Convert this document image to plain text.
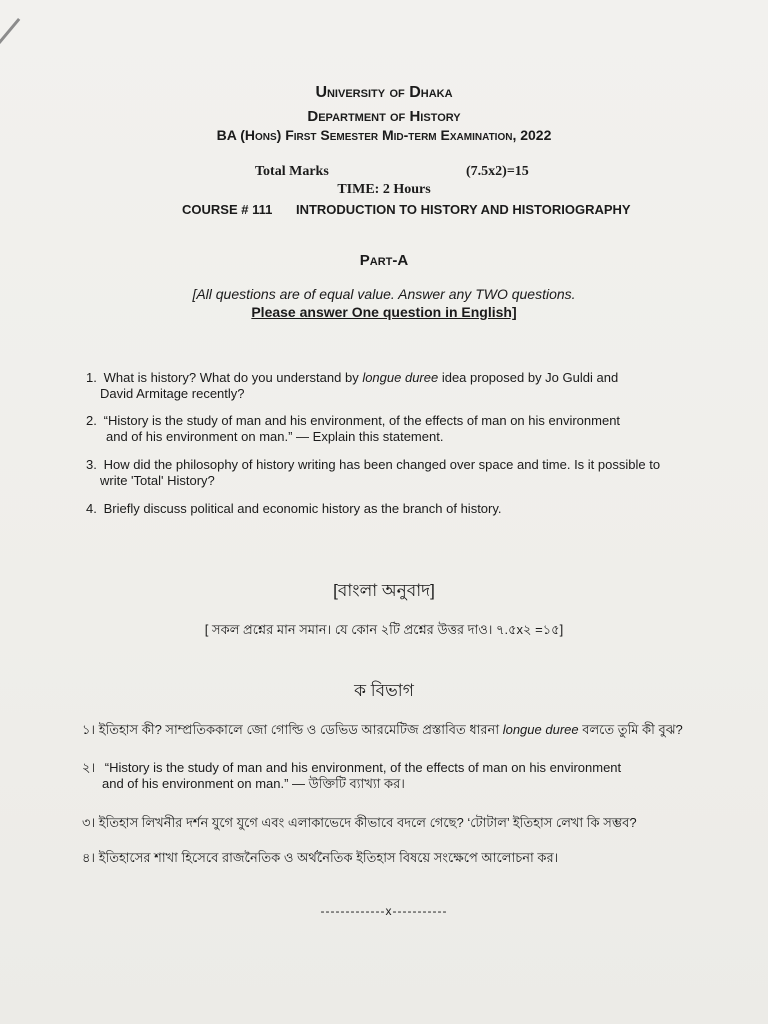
University of Dhaka
Department of History
BA (Hons) First Semester Mid-term Examination, 2022
Total Marks	(7.5x2)=15
TIME: 2 Hours
COURSE # 111 INTRODUCTION TO HISTORY AND HISTORIOGRAPHY
Part-A
[All questions are of equal value. Answer any TWO questions.
Please answer One question in English]
1. What is history? What do you understand by longue duree idea proposed by Jo Guldi and
David Armitage recently?
2. “History is the study of man and his environment, of the effects of man on his environment
and of his environment on man.” — Explain this statement.
3. How did the philosophy of history writing has been changed over space and time. Is it possible to
write 'Total' History?
4. Briefly discuss political and economic history as the branch of history.
[বাংলা অনুবাদ]
[ সকল প্রশ্নের মান সমান। যে কোন ২টি প্রশ্নের উত্তর দাও। ৭.৫x২ =১৫]
ক বিভাগ
১। ইতিহাস কী? সাম্প্রতিককালে জো গোল্ডি ও ডেভিড আরমেটিজ প্রস্তাবিত ধারনা longue duree বলতে তুমি কী বুঝ?
২। “History is the study of man and his environment, of the effects of man on his environment
and of his environment on man.” — উক্তিটি ব্যাখ্যা কর।
৩। ইতিহাস লিখনীর দর্শন যুগে যুগে এবং এলাকাভেদে কীভাবে বদলে গেছে? ‘টোটাল’ ইতিহাস লেখা কি সম্ভব?
৪। ইতিহাসের শাখা হিসেবে রাজনৈতিক ও অর্থনৈতিক ইতিহাস বিষয়ে সংক্ষেপে আলোচনা কর।
-------------x-----------
